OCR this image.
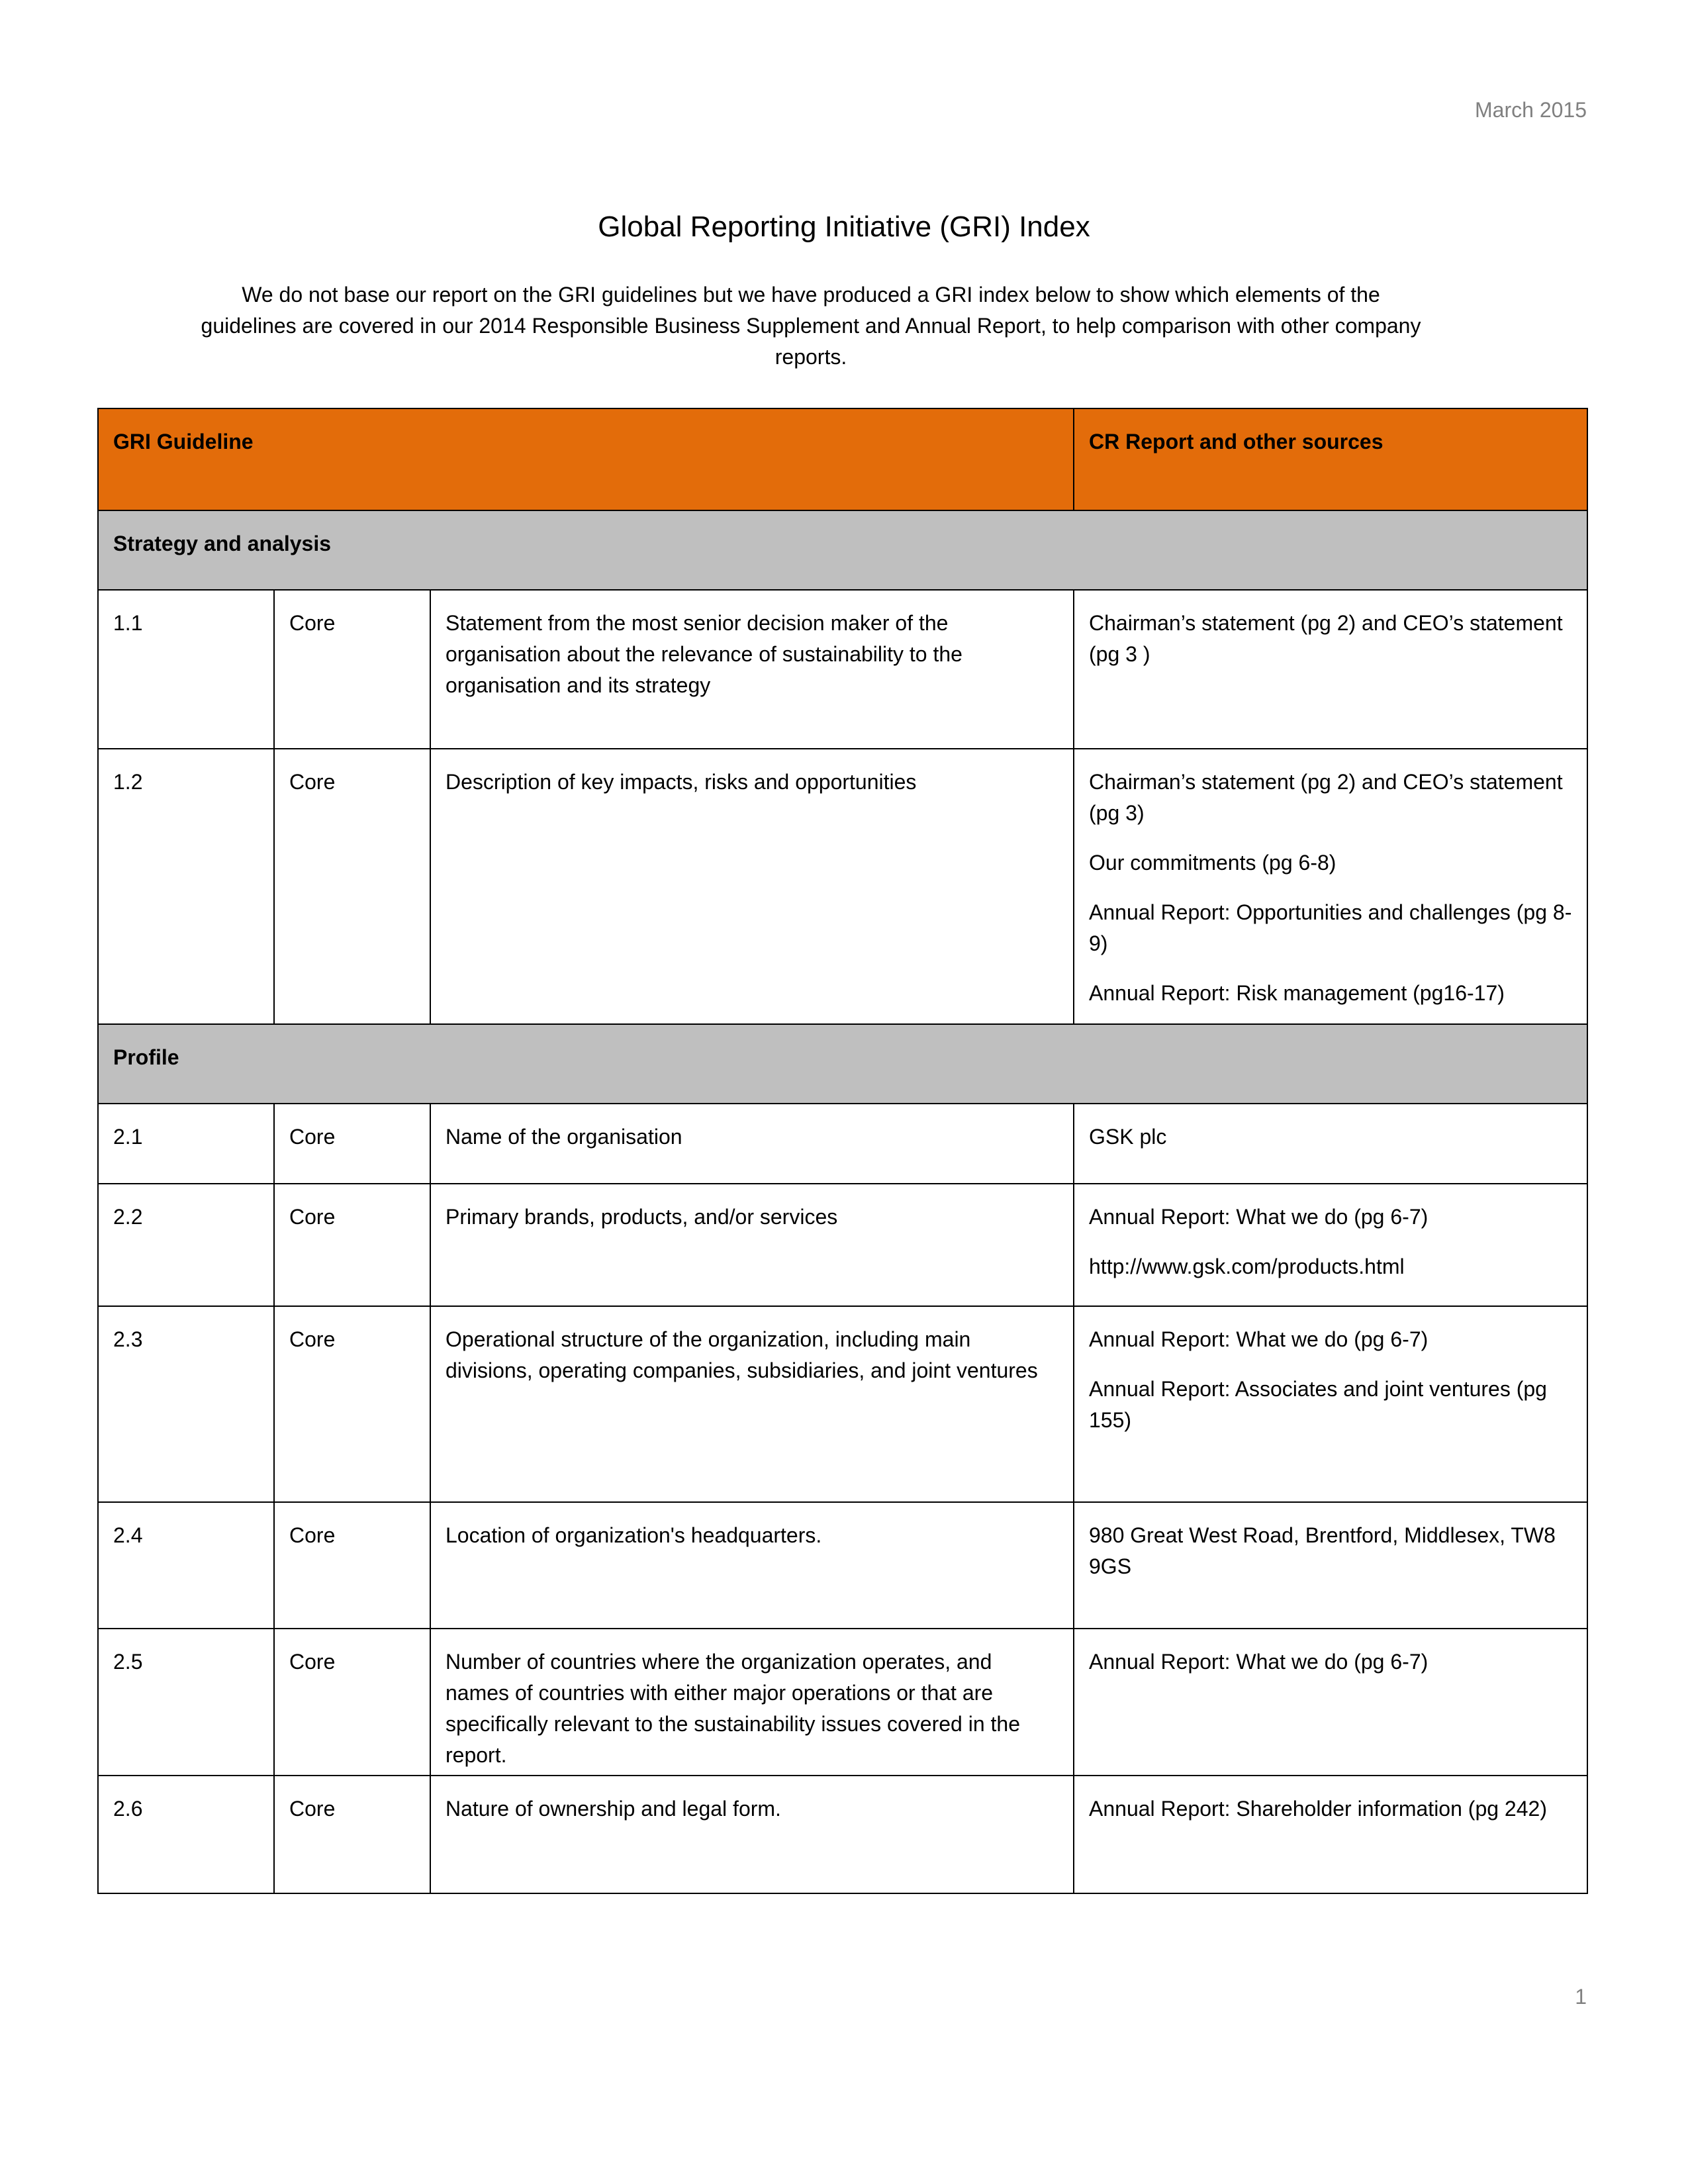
March 2015
Global Reporting Initiative (GRI) Index
We do not base our report on the GRI guidelines but we have produced a GRI index below to show which elements of the guidelines are covered in our 2014 Responsible Business Supplement and Annual Report, to help comparison with other company reports.
GRI Guideline			CR Report and other sources
Strategy and analysis			
1.1	Core	Statement from the most senior decision maker of the organisation about the relevance of sustainability to the organisation and its strategy	Chairman’s statement (pg 2) and CEO’s statement (pg 3 )

1.2	Core	Description of key impacts, risks and opportunities	Chairman’s statement (pg 2) and CEO’s statement (pg 3)
Our commitments (pg 6-8)
Annual Report: Opportunities and challenges (pg 8-9)
Annual Report: Risk management (pg16-17)

Profile			
2.1	Core	Name of the organisation	GSK plc

2.2	Core	Primary brands, products, and/or services	Annual Report: What we do (pg 6-7)
http://www.gsk.com/products.html

2.3	Core	Operational structure of the organization, including main divisions, operating companies, subsidiaries, and joint ventures	Annual Report: What we do (pg 6-7)
Annual Report: Associates and joint ventures (pg 155)

2.4	Core	Location of organization's headquarters.	980 Great West Road, Brentford, Middlesex, TW8 9GS

2.5	Core	Number of countries where the organization operates, and names of countries with either major operations or that are specifically relevant to the sustainability issues covered in the report.	Annual Report: What we do (pg 6-7)

2.6	Core	Nature of ownership and legal form.	Annual Report: Shareholder information (pg 242)
1
